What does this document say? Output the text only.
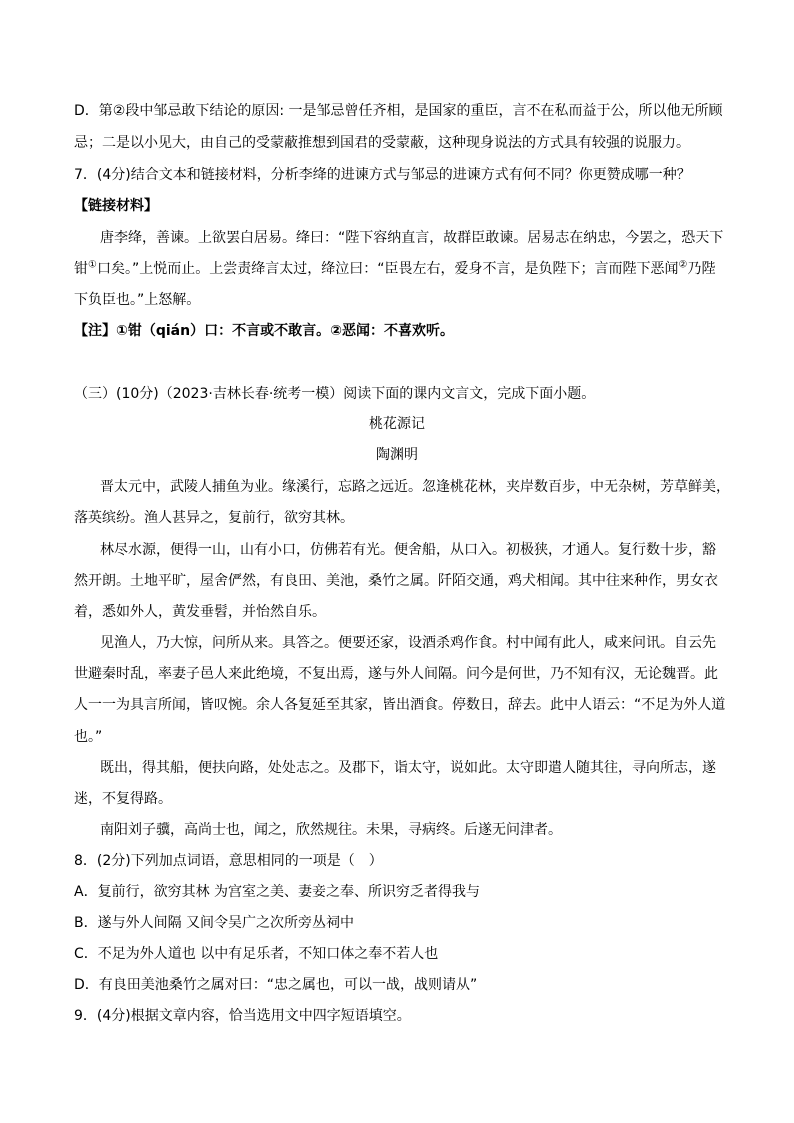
D．第②段中邹忌敢下结论的原因: 一是邹忌曾任齐相，是国家的重臣，言不在私而益于公，所以他无所顾
忌；二是以小见大，由自己的受蒙蔽推想到国君的受蒙蔽，这种现身说法的方式具有较强的说服力。
7．(4分)结合文本和链接材料，分析李绛的进谏方式与邹忌的进谏方式有何不同？你更赞成哪一种？
【链接材料】
唐李绛，善谏。上欲罢白居易。绛曰：“陛下容纳直言，故群臣敢谏。居易志在纳忠，今罢之，恐天下
钳①口矣。”上悦而止。上尝责绛言太过，绛泣曰：“臣畏左右，爱身不言，是负陛下；言而陛下恶闻②乃陛
下负臣也。”上怒解。
【注】①钳（qián）口：不言或不敢言。②恶闻：不喜欢听。
（三）(10分)（2023·吉林长春·统考一模）阅读下面的课内文言文，完成下面小题。
桃花源记
陶渊明
晋太元中，武陵人捕鱼为业。缘溪行，忘路之远近。忽逢桃花林，夹岸数百步，中无杂树，芳草鲜美，
落英缤纷。渔人甚异之，复前行，欲穷其林。
林尽水源，便得一山，山有小口，仿佛若有光。便舍船，从口入。初极狭，才通人。复行数十步，豁
然开朗。土地平旷，屋舍俨然，有良田、美池，桑竹之属。阡陌交通，鸡犬相闻。其中往来种作，男女衣
着，悉如外人，黄发垂髫，并怡然自乐。
见渔人，乃大惊，问所从来。具答之。便要还家，设酒杀鸡作食。村中闻有此人，咸来问讯。自云先
世避秦时乱，率妻子邑人来此绝境，不复出焉，遂与外人间隔。问今是何世，乃不知有汉，无论魏晋。此
人一一为具言所闻，皆叹惋。余人各复延至其家，皆出酒食。停数日，辞去。此中人语云：“不足为外人道
也。”
既出，得其船，便扶向路，处处志之。及郡下，诣太守，说如此。太守即遣人随其往，寻向所志，遂
迷，不复得路。
南阳刘子骥，高尚士也，闻之，欣然规往。未果，寻病终。后遂无问津者。
8．(2分)下列加点词语，意思相同的一项是（　）
A．复前行，欲穷其林 为宫室之美、妻妾之奉、所识穷乏者得我与
B．遂与外人间隔 又间令吴广之次所旁丛祠中
C．不足为外人道也 以中有足乐者，不知口体之奉不若人也
D．有良田美池桑竹之属对曰：“忠之属也，可以一战，战则请从”
9．(4分)根据文章内容，恰当选用文中四字短语填空。
